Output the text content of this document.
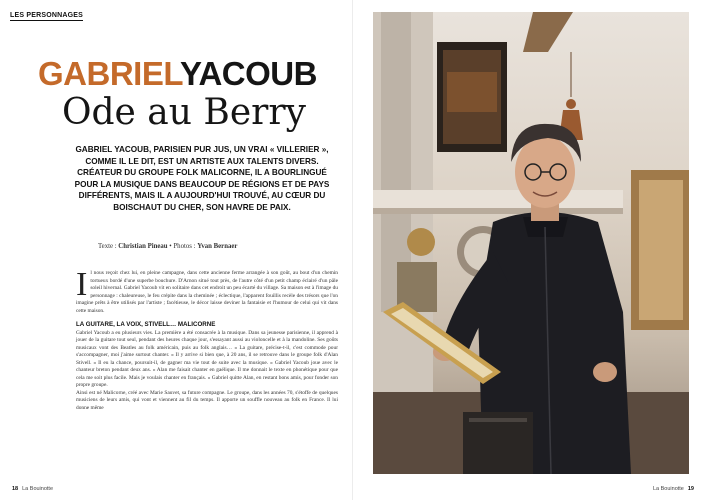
LES PERSONNAGES
GABRIELYACOUB
Ode au Berry
GABRIEL YACOUB, PARISIEN PUR JUS, UN VRAI « VILLERIER », COMME IL LE DIT, EST UN ARTISTE AUX TALENTS DIVERS. CRÉATEUR DU GROUPE FOLK MALICORNE, IL A BOURLINGUÉ POUR LA MUSIQUE DANS BEAUCOUP DE RÉGIONS ET DE PAYS DIFFÉRENTS, MAIS IL A AUJOURD'HUI TROUVÉ, AU CŒUR DU BOISCHAUT DU CHER, SON HAVRE DE PAIX.
Texte : Christian Pineau • Photos : Yvan Bernaer
I l nous reçoit chez lui, en pleine campagne, dans cette ancienne ferme arrangée à son goût, au bout d'un chemin tortueux bordé d'une superbe bouchure. D'Arnon situé tout près, de l'autre côté d'un petit champ éclairé d'un pâle soleil hivernal. Gabriel Yacoub vit en solitaire dans cet endroit un peu écarté du village. Sa maison est à l'image du personnage : chaleureuse, le feu crépite dans la cheminée ; éclectique, l'apparent fouillis recèle des trésors que l'on imagine prêts à être utilisés par l'artiste ; facétieuse, le décor laisse deviner la fantaisie et l'humour de celui qui vit dans cette maison.

LA GUITARE, LA VOIX, STIVELL… MALICORNE

Gabriel Yacoub a eu plusieurs vies. La première a été consacrée à la musique. Dans sa jeunesse parisienne, il apprend à jouer de la guitare tout seul, pendant des heures chaque jour, s'essayant aussi au violoncelle et à la mandoline. Ses goûts musicaux vont des Beatles au folk américain, puis au folk anglais… « La guitare, précise-t-il, c'est commode pour s'accompagner, moi j'aime surtout chanter. » Il y arrive si bien que, à 20 ans, il se retrouve dans le groupe folk d'Alan Stivell. « Il eu la chance, poursuit-il, de gagner ma vie tout de suite avec la musique. » Gabriel Yacoub joue avec le chanteur breton pendant deux ans. « Alan me faisait chanter en gaélique. Il me donnait le texte en phonétique pour que cela me soit plus facile. Mais je voulais chanter en français. » Gabriel quitte Alan, en restant bons amis, pour fonder son propre groupe.

Ainsi est né Malicorne, créé avec Marie Sauvet, sa future compagne. Le groupe, dans les années 70, s'étoffe de quelques musiciens de leurs amis, qui vont et viennent au fil du temps. Il apporte un souffle nouveau au folk en France. Il lui donne même

18 La Bouinotte	La Bouinotte 19
